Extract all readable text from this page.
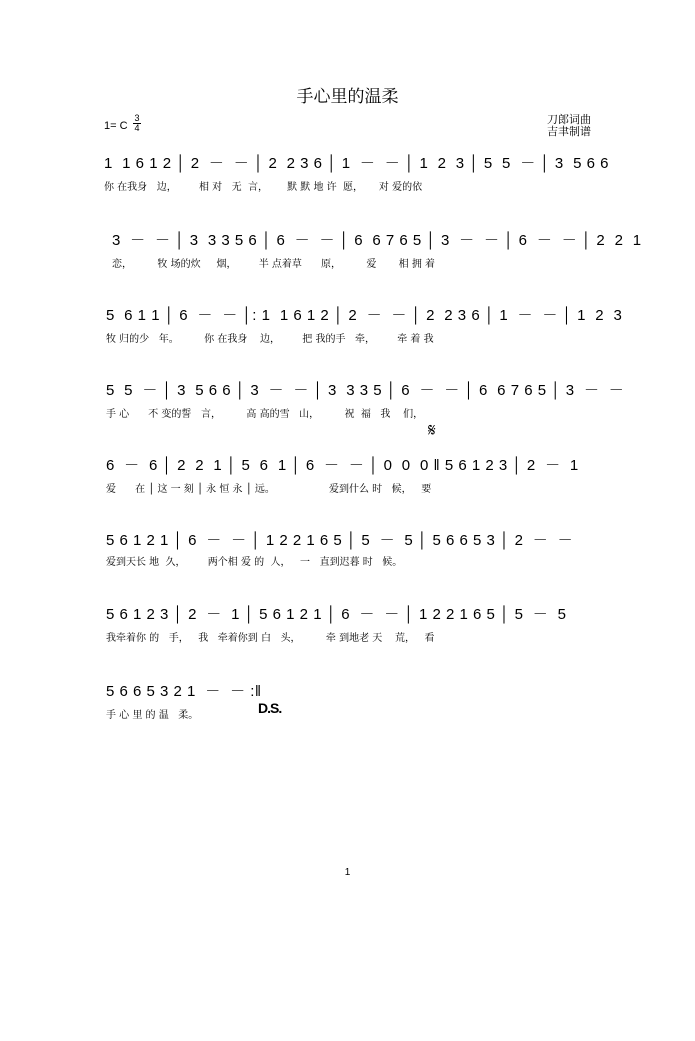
手心里的温柔
1= C
3
4
刀郎词曲
吉聿制谱
1  1 6 1 2 │ 2  －  － │ 2  2 3 6 │ 1  －  － │ 1  2  3 │ 5  5  － │ 3  5 6 6
你 在我身   边，       相 对   无  言，      默 默 地 许  愿，     对 爱的依
3  －  － │ 3  3 3 5 6 │ 6  －  － │ 6  6 7 6 5 │ 3  －  － │ 6  －  － │ 2  2  1
恋，        牧 场的炊     烟，       半 点着草      原，        爱       相 拥 着
5  6 1 1 │ 6  －  － │: 1  1 6 1 2 │ 2  －  － │ 2  2 3 6 │ 1  －  － │ 1  2  3
牧 归的少   年。        你 在我身    边，       把 我的手   牵，       牵 着 我
5  5  － │ 3  5 6 6 │ 3  －  － │ 3  3 3 5 │ 6  －  － │ 6  6 7 6 5 │ 3  －  －
手 心      不 变的誓   言，        高 高的雪   山，        祝  福   我    们，
𝄋
6  －  6 │ 2  2  1 │ 5  6  1 │ 6  －  － │ 0  0  0 ‖ 5 6 1 2 3 │ 2  －  1
爱      在 │ 这 一 刻 │ 永 恒 永 │ 远。                 爱到什么 时   候，   要
5 6 1 2 1 │ 6  －  － │ 1 2 2 1 6 5 │ 5  －  5 │ 5 6 6 5 3 │ 2  －  －
爱到天长 地  久，       两个相 爱 的  人，   一   直到迟暮 时   候。
5 6 1 2 3 │ 2  －  1 │ 5 6 1 2 1 │ 6  －  － │ 1 2 2 1 6 5 │ 5  －  5
我牵着你 的   手，   我   牵着你到 白   头，        牵 到地老 天    荒，   看
5 6 6 5 3 2 1  －  － :‖
手 心 里 的 温   柔。	D.S.
1
